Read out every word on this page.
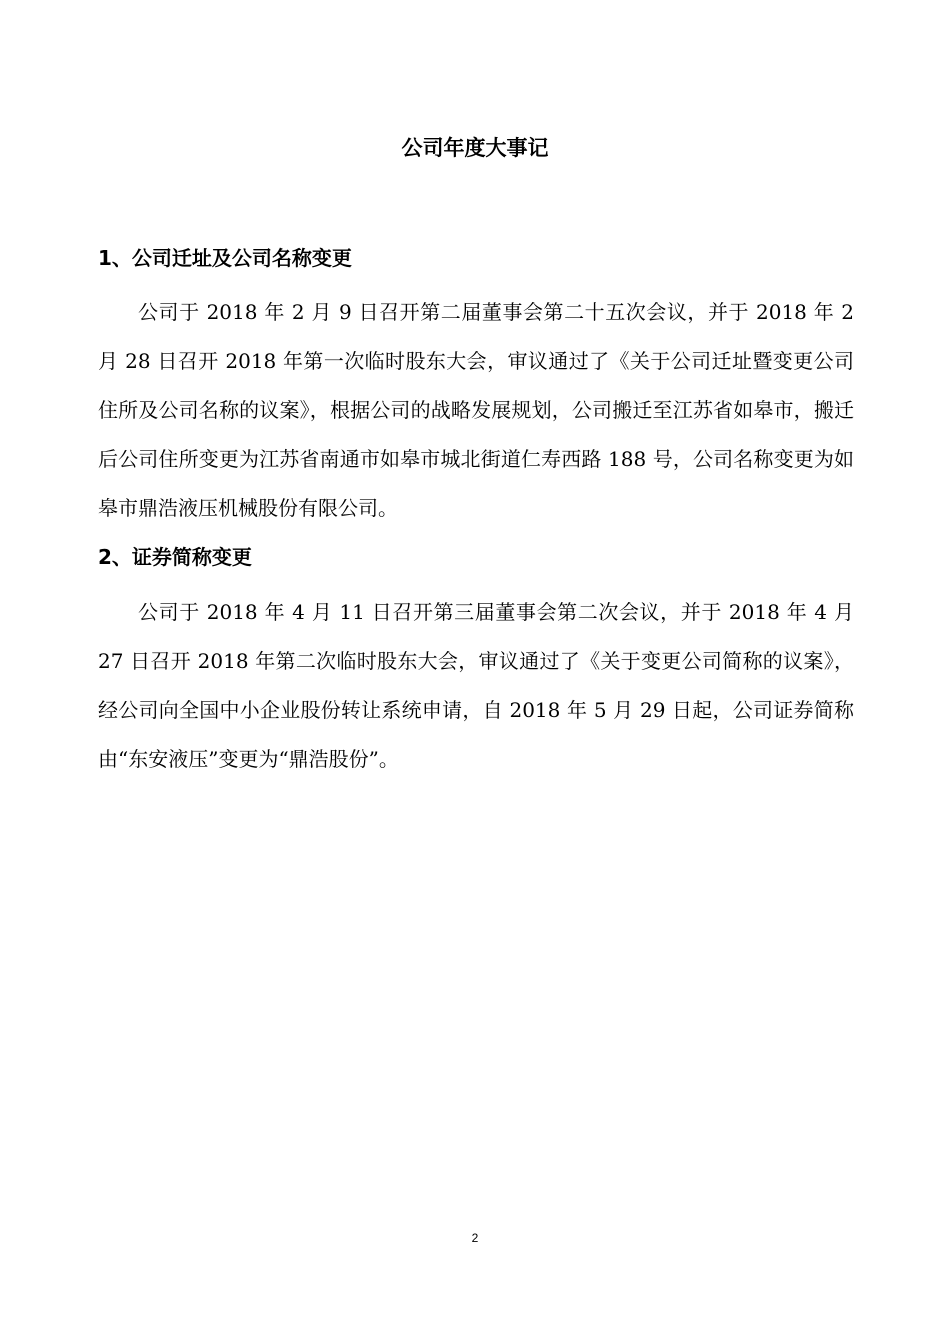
公司年度大事记
1、公司迁址及公司名称变更

公司于 2018 年 2 月 9 日召开第二届董事会第二十五次会议，并于 2018 年 2 月 28 日召开 2018 年第一次临时股东大会，审议通过了《关于公司迁址暨变更公司住所及公司名称的议案》，根据公司的战略发展规划，公司搬迁至江苏省如皋市，搬迁后公司住所变更为江苏省南通市如皋市城北街道仁寿西路 188 号，公司名称变更为如皋市鼎浩液压机械股份有限公司。

2、证券简称变更

公司于 2018 年 4 月 11 日召开第三届董事会第二次会议，并于 2018 年 4 月 27 日召开 2018 年第二次临时股东大会，审议通过了《关于变更公司简称的议案》，经公司向全国中小企业股份转让系统申请，自 2018 年 5 月 29 日起，公司证券简称由“东安液压”变更为“鼎浩股份”。

2
